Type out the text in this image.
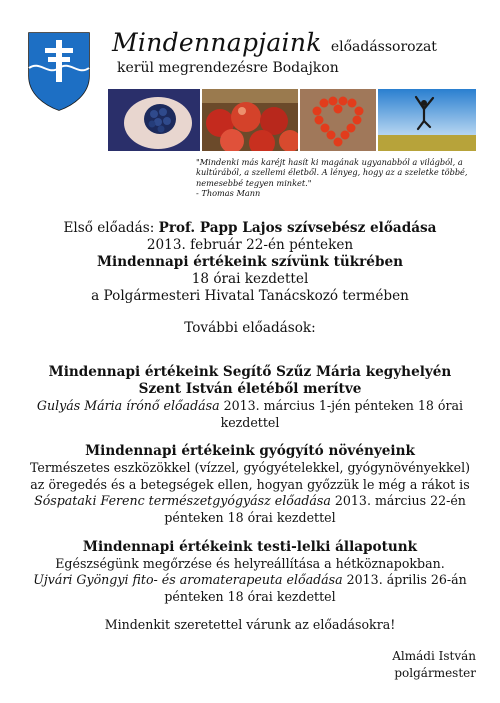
Mindennapjaink előadássorozat
kerül megrendezésre Bodajkon
"Mindenki más karéjt hasít ki magának ugyanabból a világból, a kultúrából, a szellemi életből. A lényeg, hogy az a szeletke többé, nemesebbé tegyen minket."
- Thomas Mann

Első előadás: Prof. Papp Lajos szívsebész előadása

2013. február 22-én pénteken

Mindennapi értékeink szívünk tükrében

18 órai kezdettel

a Polgármesteri Hivatal Tanácskozó termében

További előadások:

Mindennapi értékeink Segítő Szűz Mária kegyhelyén Szent István életéből merítve

Gulyás Mária írónő előadása 2013. március 1-jén pénteken 18 órai kezdettel

Mindennapi értékeink gyógyító növényeink

Természetes eszközökkel (vízzel, gyógyételekkel, gyógynövényekkel) az öregedés és a betegségek ellen, hogyan győzzük le még a rákot is

Sóspataki Ferenc természetgyógyász előadása 2013. március 22-én pénteken 18 órai kezdettel

Mindennapi értékeink testi-lelki állapotunk

Egészségünk megőrzése és helyreállítása a hétköznapokban.

Ujvári Gyöngyi fito- és aromaterapeuta előadása 2013. április 26-án pénteken 18 órai kezdettel

Mindenkit szeretettel várunk az előadásokra!

Almádi István
polgármester
